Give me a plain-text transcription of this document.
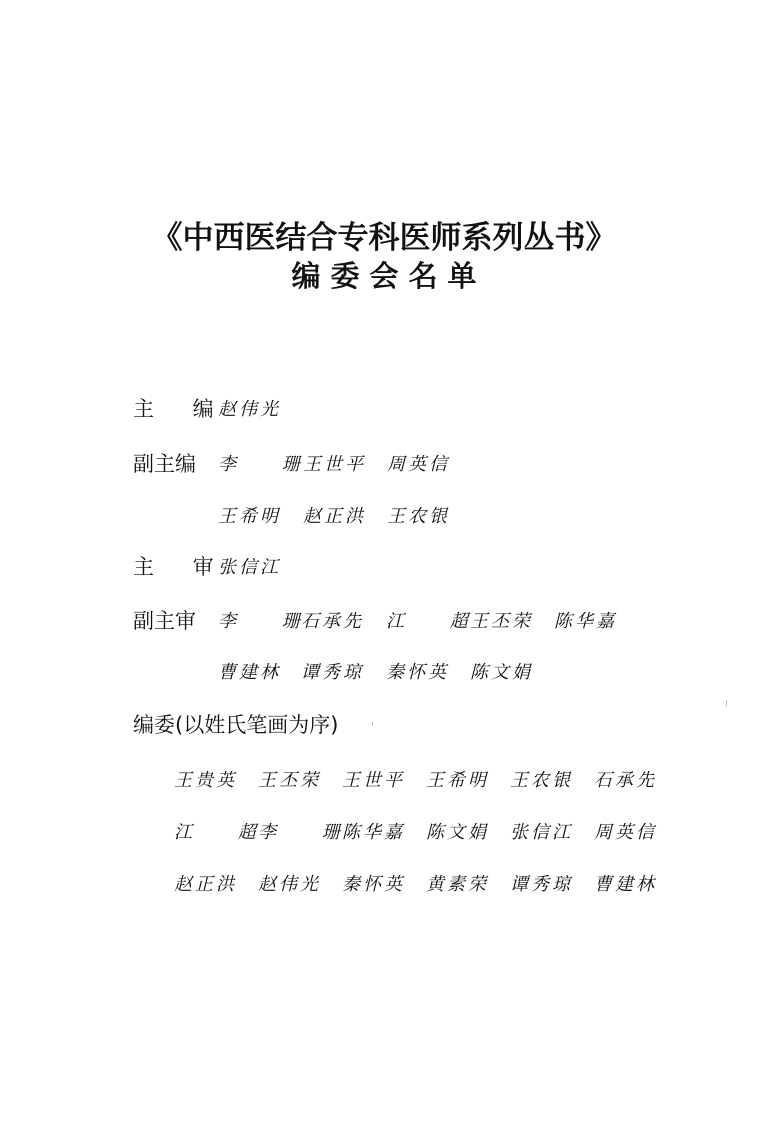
《中西医结合专科医师系列丛书》
编委会名单
主 编
赵伟光
副主编 李 珊
王世平 周英信
王希明 赵正洪 王农银
主 审
张信江
副主审 李 珊
石承先 江 超
王丕荣 陈华嘉
曹建林 谭秀琼 秦怀英 陈文娟
编委(以姓氏笔画为序)
王贵英 王丕荣 王世平 王希明 王农银 石承先
江 超
李 珊
陈华嘉 陈文娟 张信江 周英信
赵正洪 赵伟光 秦怀英 黄素荣 谭秀琼 曹建林
